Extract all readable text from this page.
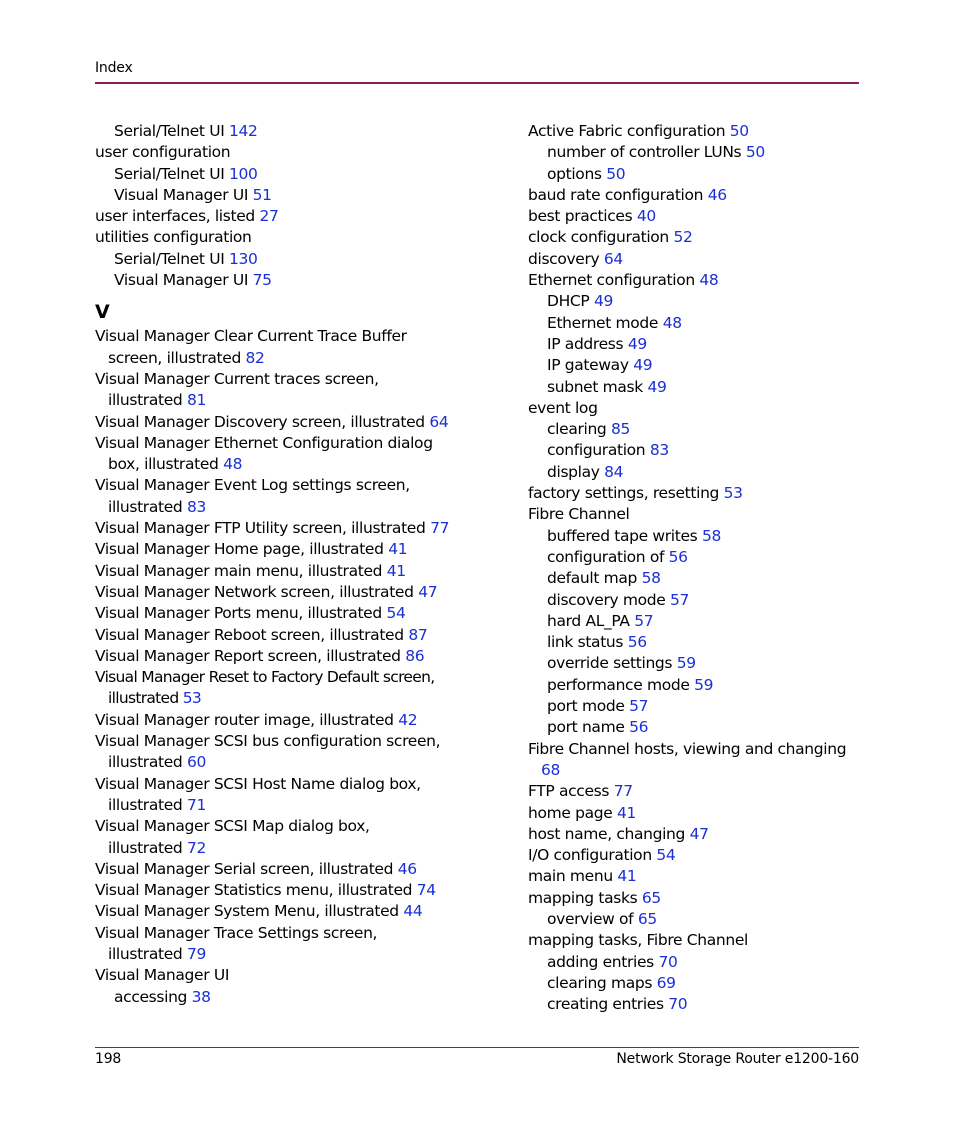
Index

Serial/Telnet UI 142

user configuration

Serial/Telnet UI 100

Visual Manager UI 51

user interfaces, listed 27

utilities configuration

Serial/Telnet UI 130

Visual Manager UI 75

V

Visual Manager Clear Current Trace Buffer
screen, illustrated 82

Visual Manager Current traces screen,
illustrated 81

Visual Manager Discovery screen, illustrated 64

Visual Manager Ethernet Configuration dialog
box, illustrated 48

Visual Manager Event Log settings screen,
illustrated 83

Visual Manager FTP Utility screen, illustrated 77

Visual Manager Home page, illustrated 41

Visual Manager main menu, illustrated 41

Visual Manager Network screen, illustrated 47

Visual Manager Ports menu, illustrated 54

Visual Manager Reboot screen, illustrated 87

Visual Manager Report screen, illustrated 86

Visual Manager Reset to Factory Default screen,
illustrated 53

Visual Manager router image, illustrated 42

Visual Manager SCSI bus configuration screen,
illustrated 60

Visual Manager SCSI Host Name dialog box,
illustrated 71

Visual Manager SCSI Map dialog box,
illustrated 72

Visual Manager Serial screen, illustrated 46

Visual Manager Statistics menu, illustrated 74

Visual Manager System Menu, illustrated 44

Visual Manager Trace Settings screen,
illustrated 79

Visual Manager UI

accessing 38

Active Fabric configuration 50

number of controller LUNs 50

options 50

baud rate configuration 46

best practices 40

clock configuration 52

discovery 64

Ethernet configuration 48

DHCP 49

Ethernet mode 48

IP address 49

IP gateway 49

subnet mask 49

event log

clearing 85

configuration 83

display 84

factory settings, resetting 53

Fibre Channel

buffered tape writes 58

configuration of 56

default map 58

discovery mode 57

hard AL_PA 57

link status 56

override settings 59

performance mode 59

port mode 57

port name 56

Fibre Channel hosts, viewing and changing
68

FTP access 77

home page 41

host name, changing 47

I/O configuration 54

main menu 41

mapping tasks 65

overview of 65

mapping tasks, Fibre Channel

adding entries 70

clearing maps 69

creating entries 70

198	Network Storage Router e1200-160
